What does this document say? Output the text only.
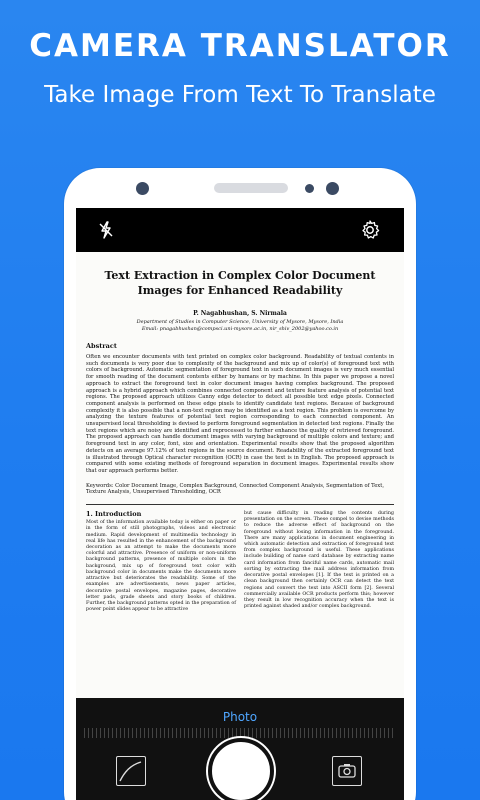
CAMERA TRANSLATOR
Take Image From Text To Translate
Text Extraction in Complex Color Document
Images for Enhanced Readability
P. Nagabhushan, S. Nirmala
Department of Studies in Computer Science, University of Mysore, Mysore, India
Email: pnagabhushan@compsci.uni-mysore.ac.in, nir_shiv_2002@yahoo.co.in
Abstract
Often we encounter documents with text printed on complex color background. Readability of textual contents in such documents is very poor due to complexity of the background and mix up of color(s) of foreground text with colors of background. Automatic segmentation of foreground text in such document images is very much essential for smooth reading of the document contents either by humans or by machine. In this paper we propose a novel approach to extract the foreground text in color document images having complex background. The proposed approach is a hybrid approach which combines connected component and texture feature analysis of potential text regions. The proposed approach utilizes Canny edge detector to detect all possible text edge pixels. Connected component analysis is performed on these edge pixels to identify candidate text regions. Because of background complexity it is also possible that a non-text region may be identified as a text region. This problem is overcome by analyzing the texture features of potential text region corresponding to each connected component. An unsupervised local thresholding is devised to perform foreground segmentation in detected text regions. Finally the text regions which are noisy are identified and reprocessed to further enhance the quality of retrieved foreground. The proposed approach can handle document images with varying background of multiple colors and texture; and foreground text in any color, font, size and orientation. Experimental results show that the proposed algorithm detects on an average 97.12% of text regions in the source document. Readability of the extracted foreground text is illustrated through Optical character recognition (OCR) in case the text is in English. The proposed approach is compared with some existing methods of foreground separation in document images. Experimental results show that our approach performs better.
Keywords: Color Document Image, Complex Background, Connected Component Analysis, Segmentation of Text, Texture Analysis, Unsupervised Thresholding, OCR
1. Introduction
Most of the information available today is either on paper or in the form of still photographs, videos and electronic medium. Rapid development of multimedia technology in real life has resulted in the enhancement of the background decoration as an attempt to make the documents more colorful and attractive. Presence of uniform or non-uniform background patterns, presence of multiple colors in the background, mix up of foreground text color with background color in documents make the documents more attractive but deteriorates the readability. Some of the examples are advertisements, news paper articles, decorative postal envelopes, magazine pages, decorative letter pads, grade sheets and story books of children. Further, the background patterns opted in the preparation of power point slides appear to be attractive
but cause difficulty in reading the contents during presentation on the screen. These compel to devise methods to reduce the adverse effect of background on the foreground without losing information in the foreground. There are many applications in document engineering in which automatic detection and extraction of foreground text from complex background is useful. These applications include building of name card database by extracting name card information from fanciful name cards, automatic mail sorting by extracting the mail address information from decorative postal envelopes [1]. If the text is printed on a clean background then certainly OCR can detect the text regions and convert the text into ASCII form [2]. Several commercially available OCR products perform this; however they result in low recognition accuracy when the text is printed against shaded and/or complex background.
Photo
